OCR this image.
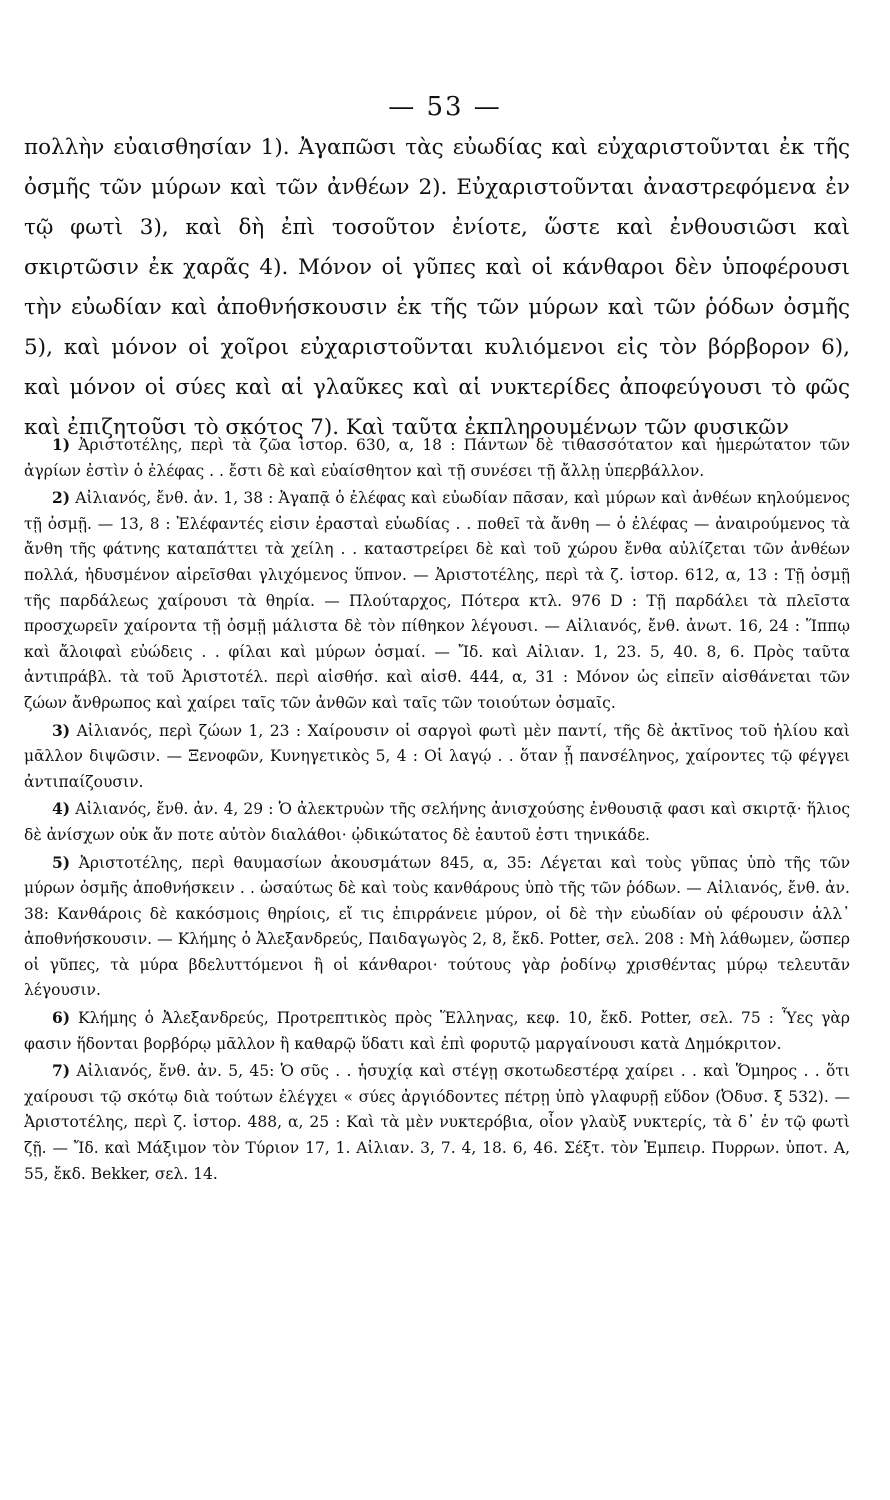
— 53 —

πολλὴν εὐαισθησίαν 1). Ἀγαπῶσι τὰς εὐωδίας καὶ εὐχαριστοῦνται ἐκ τῆς ὀσμῆς τῶν μύρων καὶ τῶν ἀνθέων 2). Εὐχαριστοῦνται ἀναστρεφόμενα ἐν τῷ φωτὶ 3), καὶ δὴ ἐπὶ τοσοῦτον ἐνίοτε, ὥστε καὶ ἐνθουσιῶσι καὶ σκιρτῶσιν ἐκ χαρᾶς 4). Μόνον οἱ γῦπες καὶ οἱ κάνθαροι δὲν ὑποφέρουσι τὴν εὐωδίαν καὶ ἀποθνήσκουσιν ἐκ τῆς τῶν μύρων καὶ τῶν ῥόδων ὀσμῆς 5), καὶ μόνον οἱ χοῖροι εὐχαριστοῦνται κυλιόμενοι εἰς τὸν βόρβορον 6), καὶ μόνον οἱ σύες καὶ αἱ γλαῦκες καὶ αἱ νυκτερίδες ἀποφεύγουσι τὸ φῶς καὶ ἐπιζητοῦσι τὸ σκότος 7). Καὶ ταῦτα ἐκπληρουμένων τῶν φυσικῶν

1) Ἀριστοτέλης, περὶ τὰ ζῶα ἱστορ. 630, α, 18 : Πάντων δὲ τιθασσότατον καὶ ἡμερώτατον τῶν ἀγρίων ἐστὶν ὁ ἐλέφας . . ἔστι δὲ καὶ εὐαίσθητον καὶ τῇ συνέσει τῇ ἄλλῃ ὑπερβάλλον.

2) Αἰλιανός, ἔνθ. ἀν. 1, 38 : Ἀγαπᾷ ὁ ἐλέφας καὶ εὐωδίαν πᾶσαν, καὶ μύρων καὶ ἀνθέων κηλούμενος τῇ ὀσμῇ. — 13, 8 : Ἐλέφαντές εἰσιν ἐρασταὶ εὐωδίας . . ποθεῖ τὰ ἄνθη — ὁ ἐλέφας — ἀναιρούμενος τὰ ἄνθη τῆς φάτνης καταπάττει τὰ χείλη . . καταστρείρει δὲ καὶ τοῦ χώρου ἔνθα αὐλίζεται τῶν ἀνθέων πολλά, ἡδυσμένον αἱρεῖσθαι γλιχόμενος ὕπνον. — Ἀριστοτέλης, περὶ τὰ ζ. ἱστορ. 612, α, 13 : Τῇ ὀσμῇ τῆς παρδάλεως χαίρουσι τὰ θηρία. — Πλούταρχος, Πότερα κτλ. 976 D : Τῇ παρδάλει τὰ πλεῖστα προσχωρεῖν χαίροντα τῇ ὀσμῇ μάλιστα δὲ τὸν πίθηκον λέγουσι. — Αἰλιανός, ἔνθ. ἀνωτ. 16, 24 : Ἵππῳ καὶ ἄλοιφαὶ εὐώδεις . . φίλαι καὶ μύρων ὀσμαί. — Ἴδ. καὶ Αἰλιαν. 1, 23. 5, 40. 8, 6. Πρὸς ταῦτα ἀντιπράβλ. τὰ τοῦ Ἀριστοτέλ. περὶ αἰσθήσ. καὶ αἰσθ. 444, α, 31 : Μόνον ὡς εἰπεῖν αἰσθάνεται τῶν ζώων ἄνθρωπος καὶ χαίρει ταῖς τῶν ἀνθῶν καὶ ταῖς τῶν τοιούτων ὀσμαῖς.

3) Αἰλιανός, περὶ ζώων 1, 23 : Χαίρουσιν οἱ σαργοὶ φωτὶ μὲν παντί, τῆς δὲ ἀκτῖνος τοῦ ἡλίου καὶ μᾶλλον διψῶσιν. — Ξενοφῶν, Κυνηγετικὸς 5, 4 : Οἱ λαγῴ . . ὅταν ᾖ πανσέληνος, χαίροντες τῷ φέγγει ἀντιπαίζουσιν.

4) Αἰλιανός, ἔνθ. ἀν. 4, 29 : Ὁ ἀλεκτρυὼν τῆς σελήνης ἀνισχούσης ἐνθουσιᾷ φασι καὶ σκιρτᾷ· ἥλιος δὲ ἀνίσχων οὐκ ἄν ποτε αὐτὸν διαλάθοι· ᾠδικώτατος δὲ ἑαυτοῦ ἐστι τηνικάδε.

5) Ἀριστοτέλης, περὶ θαυμασίων ἀκουσμάτων 845, α, 35: Λέγεται καὶ τοὺς γῦπας ὑπὸ τῆς τῶν μύρων ὀσμῆς ἀποθνήσκειν . . ὡσαύτως δὲ καὶ τοὺς κανθάρους ὑπὸ τῆς τῶν ῥόδων. — Αἰλιανός, ἔνθ. ἀν. 38: Κανθάροις δὲ κακόσμοις θηρίοις, εἴ τις ἐπιρράνειε μύρον, οἱ δὲ τὴν εὐωδίαν οὐ φέρουσιν ἀλλ᾽ ἀποθνήσκουσιν. — Κλήμης ὁ Ἀλεξανδρεύς, Παιδαγωγὸς 2, 8, ἔκδ. Potter, σελ. 208 : Μὴ λάθωμεν, ὥσπερ οἱ γῦπες, τὰ μύρα βδελυττόμενοι ἢ οἱ κάνθαροι· τούτους γὰρ ῥοδίνῳ χρισθέντας μύρῳ τελευτᾶν λέγουσιν.

6) Κλήμης ὁ Ἀλεξανδρεύς, Προτρεπτικὸς πρὸς Ἕλληνας, κεφ. 10, ἔκδ. Potter, σελ. 75 : Ὗες γὰρ φασιν ἥδονται βορβόρῳ μᾶλλον ἢ καθαρῷ ὕδατι καὶ ἐπὶ φορυτῷ μαργαίνουσι κατὰ Δημόκριτον.

7) Αἰλιανός, ἔνθ. ἀν. 5, 45: Ὁ σῦς . . ἡσυχίᾳ καὶ στέγῃ σκοτωδεστέρᾳ χαίρει . . καὶ Ὅμηρος . . ὅτι χαίρουσι τῷ σκότῳ διὰ τούτων ἐλέγχει « σύες ἀργιόδοντες πέτρῃ ὑπὸ γλαφυρῇ εὕδον (Ὀδυσ. ξ 532). — Ἀριστοτέλης, περὶ ζ. ἱστορ. 488, α, 25 : Καὶ τὰ μὲν νυκτερόβια, οἷον γλαὺξ νυκτερίς, τὰ δ᾽ ἐν τῷ φωτὶ ζῇ. — Ἴδ. καὶ Μάξιμον τὸν Τύριον 17, 1. Αἰλιαν. 3, 7. 4, 18. 6, 46. Σέξτ. τὸν Ἐμπειρ. Πυρρων. ὑποτ. Α, 55, ἔκδ. Bekker, σελ. 14.
